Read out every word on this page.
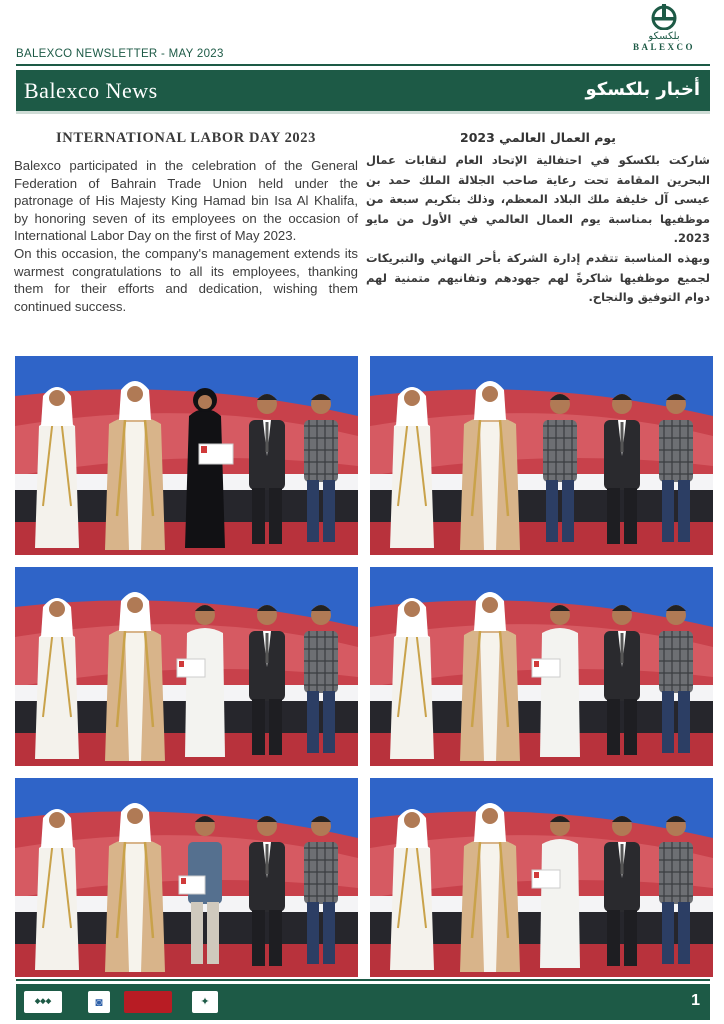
BALEXCO NEWSLETTER - MAY 2023
بلكسكو
BALEXCO
Balexco News	أخبار بلكسكو
INTERNATIONAL LABOR DAY 2023

Balexco participated in the celebration of the General Federation of Bahrain Trade Union held under the patronage of His Majesty King Hamad bin Isa Al Khalifa, by honoring seven of its employees on the occasion of International Labor Day on the first of May 2023.

On this occasion, the company's management extends its warmest congratulations to all its employees, thanking them for their efforts and dedication, wishing them continued success.

يوم العمال العالمي 2023

شاركت بلكسكو في احتفالية الإتحاد العام لنقابات عمال البحرين المقامة تحت رعاية صاحب الجلالة الملك حمد بن عيسى آل خليفة ملك البلاد المعظم، وذلك بتكريم سبعة من موظفيها بمناسبة يوم العمال العالمي في الأول من مايو 2023.

وبهذه المناسبة تتقدم إدارة الشركة بأحر التهاني والتبريكات لجميع موظفيها شاكرةً لهم جهودهم وتفانيهم متمنية لهم دوام التوفيق والنجاح.

◆◆◆	◙	✦	1
